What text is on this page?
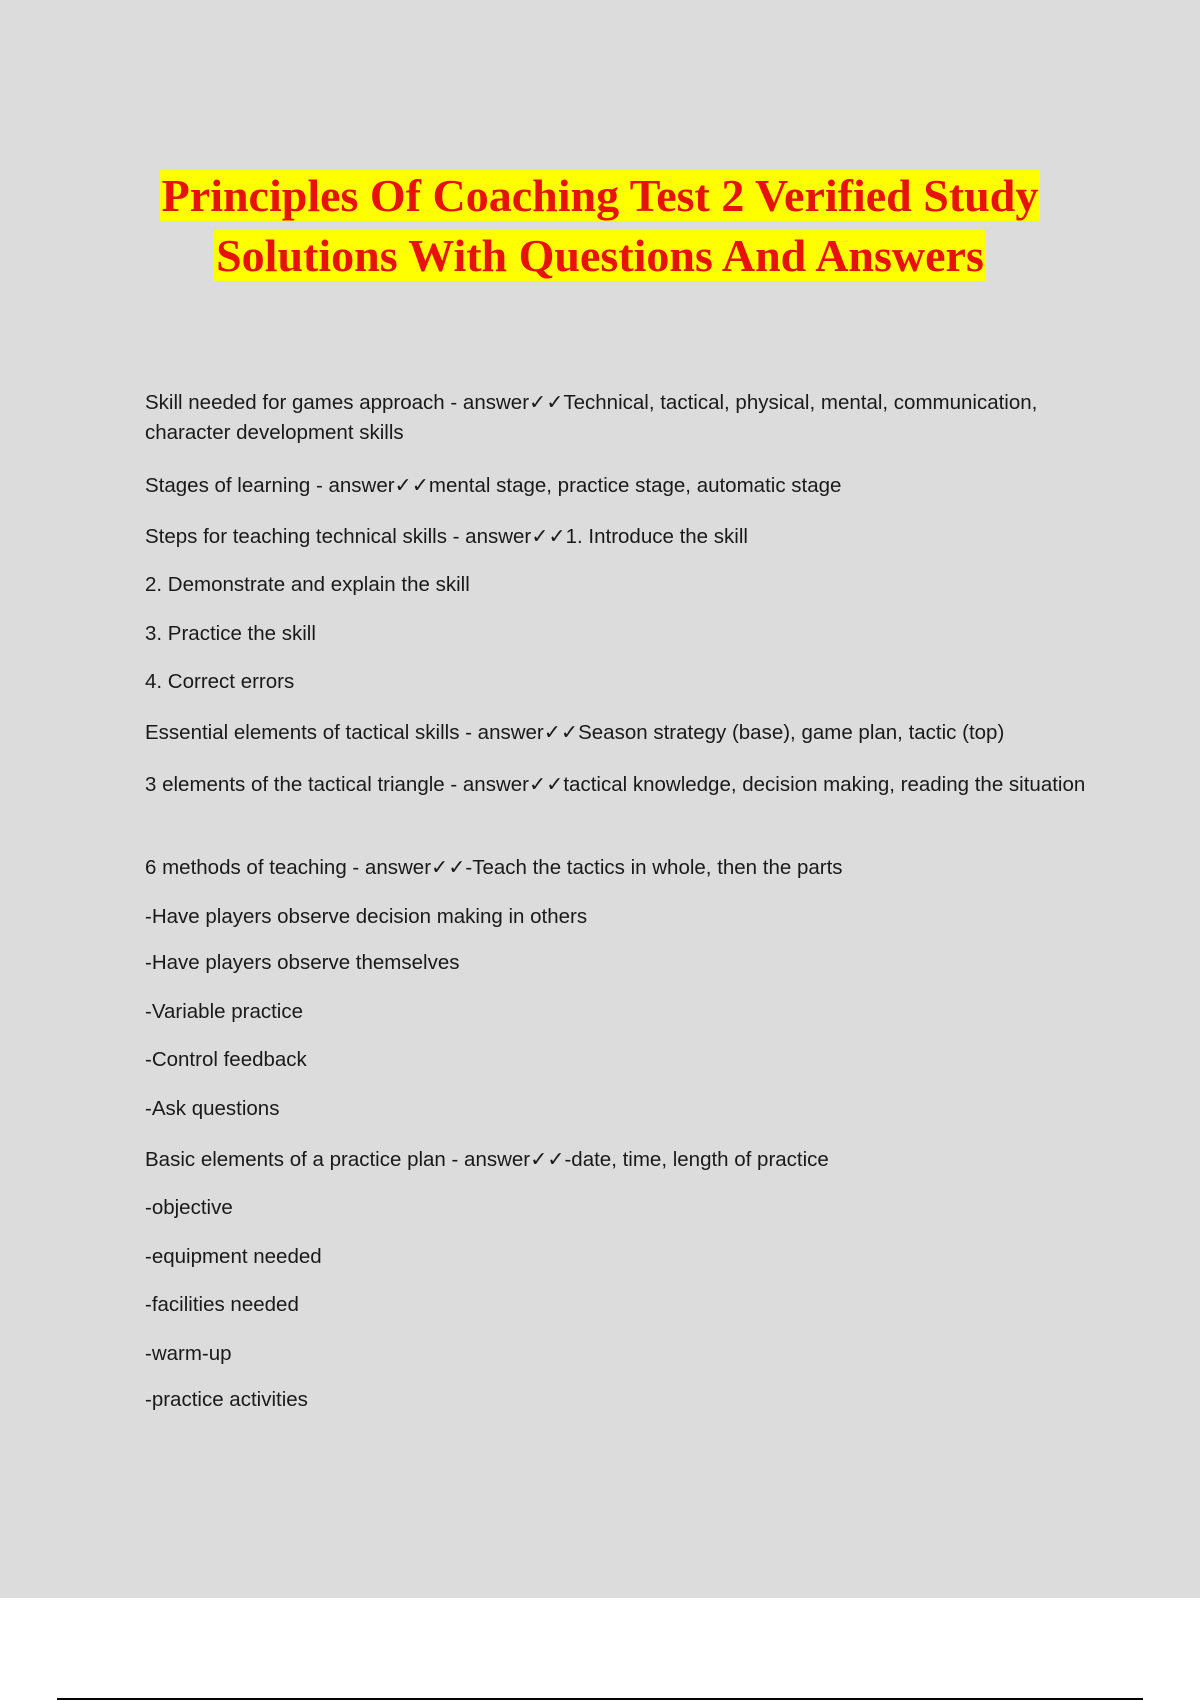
Principles Of Coaching Test 2 Verified Study
Solutions With Questions And Answers

Skill needed for games approach - answer✓✓Technical, tactical, physical, mental, communication, character development skills

Stages of learning - answer✓✓mental stage, practice stage, automatic stage

Steps for teaching technical skills - answer✓✓1. Introduce the skill

2. Demonstrate and explain the skill

3. Practice the skill

4. Correct errors

Essential elements of tactical skills - answer✓✓Season strategy (base), game plan, tactic (top)

3 elements of the tactical triangle - answer✓✓tactical knowledge, decision making, reading the situation

6 methods of teaching - answer✓✓-Teach the tactics in whole, then the parts

-Have players observe decision making in others

-Have players observe themselves

-Variable practice

-Control feedback

-Ask questions

Basic elements of a practice plan - answer✓✓-date, time, length of practice

-objective

-equipment needed

-facilities needed

-warm-up

-practice activities
